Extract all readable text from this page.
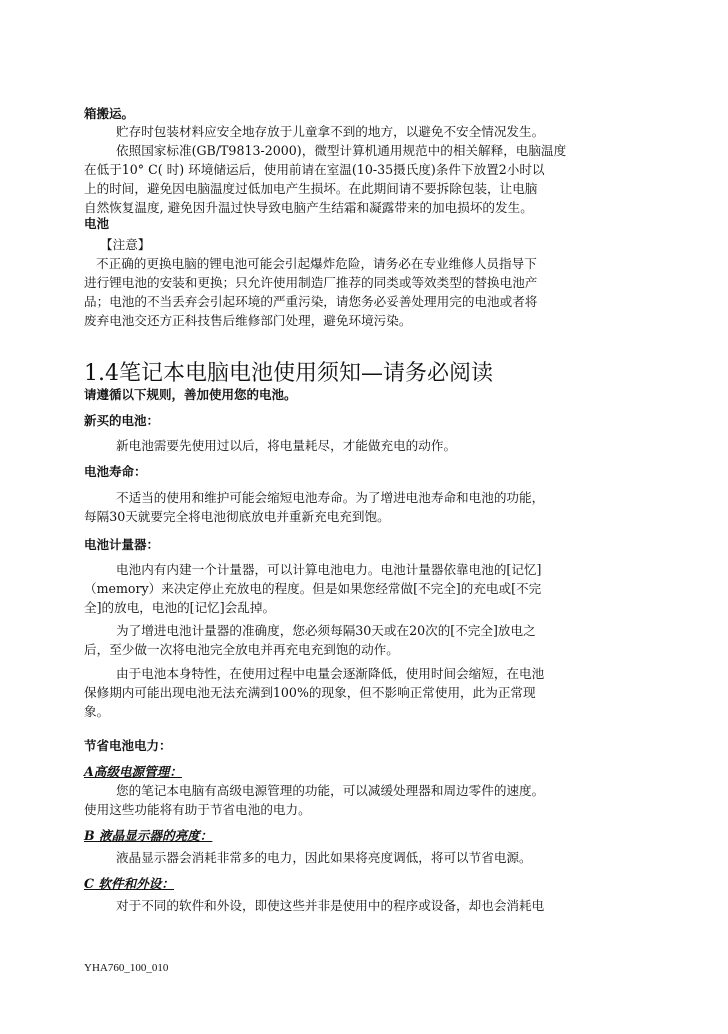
箱搬运。
贮存时包装材料应安全地存放于儿童拿不到的地方，以避免不安全情况发生。
依照国家标准(GB/T9813-2000)，微型计算机通用规范中的相关解释，电脑温度
在低于10° C( 时) 环境储运后，使用前请在室温(10-35摄氏度)条件下放置2小时以
上的时间，避免因电脑温度过低加电产生损坏。在此期间请不要拆除包装，让电脑
自然恢复温度, 避免因升温过快导致电脑产生结霜和凝露带来的加电损坏的发生。
电池
【注意】
不正确的更换电脑的锂电池可能会引起爆炸危险，请务必在专业维修人员指导下
进行锂电池的安装和更换；只允许使用制造厂推荐的同类或等效类型的替换电池产
品；电池的不当丢弃会引起环境的严重污染，请您务必妥善处理用完的电池或者将
废弃电池交还方正科技售后维修部门处理，避免环境污染。
1.4笔记本电脑电池使用须知—请务必阅读
请遵循以下规则，善加使用您的电池。
新买的电池：
新电池需要先使用过以后，将电量耗尽，才能做充电的动作。
电池寿命：
不适当的使用和维护可能会缩短电池寿命。为了增进电池寿命和电池的功能，
每隔30天就要完全将电池彻底放电并重新充电充到饱。
电池计量器：
电池内有内建一个计量器，可以计算电池电力。电池计量器依靠电池的[记忆]
（memory）来决定停止充放电的程度。但是如果您经常做[不完全]的充电或[不完
全]的放电，电池的[记忆]会乱掉。
为了增进电池计量器的准确度，您必须每隔30天或在20次的[不完全]放电之
后，至少做一次将电池完全放电并再充电充到饱的动作。
由于电池本身特性，在使用过程中电量会逐渐降低，使用时间会缩短，在电池
保修期内可能出现电池无法充满到100%的现象，但不影响正常使用，此为正常现
象。
节省电池电力：
A高级电源管理：
您的笔记本电脑有高级电源管理的功能，可以减缓处理器和周边零件的速度。
使用这些功能将有助于节省电池的电力。
B 液晶显示器的亮度：
液晶显示器会消耗非常多的电力，因此如果将亮度调低，将可以节省电源。
C 软件和外设：
对于不同的软件和外设，即使这些并非是使用中的程序或设备，却也会消耗电
YHA760_100_010
